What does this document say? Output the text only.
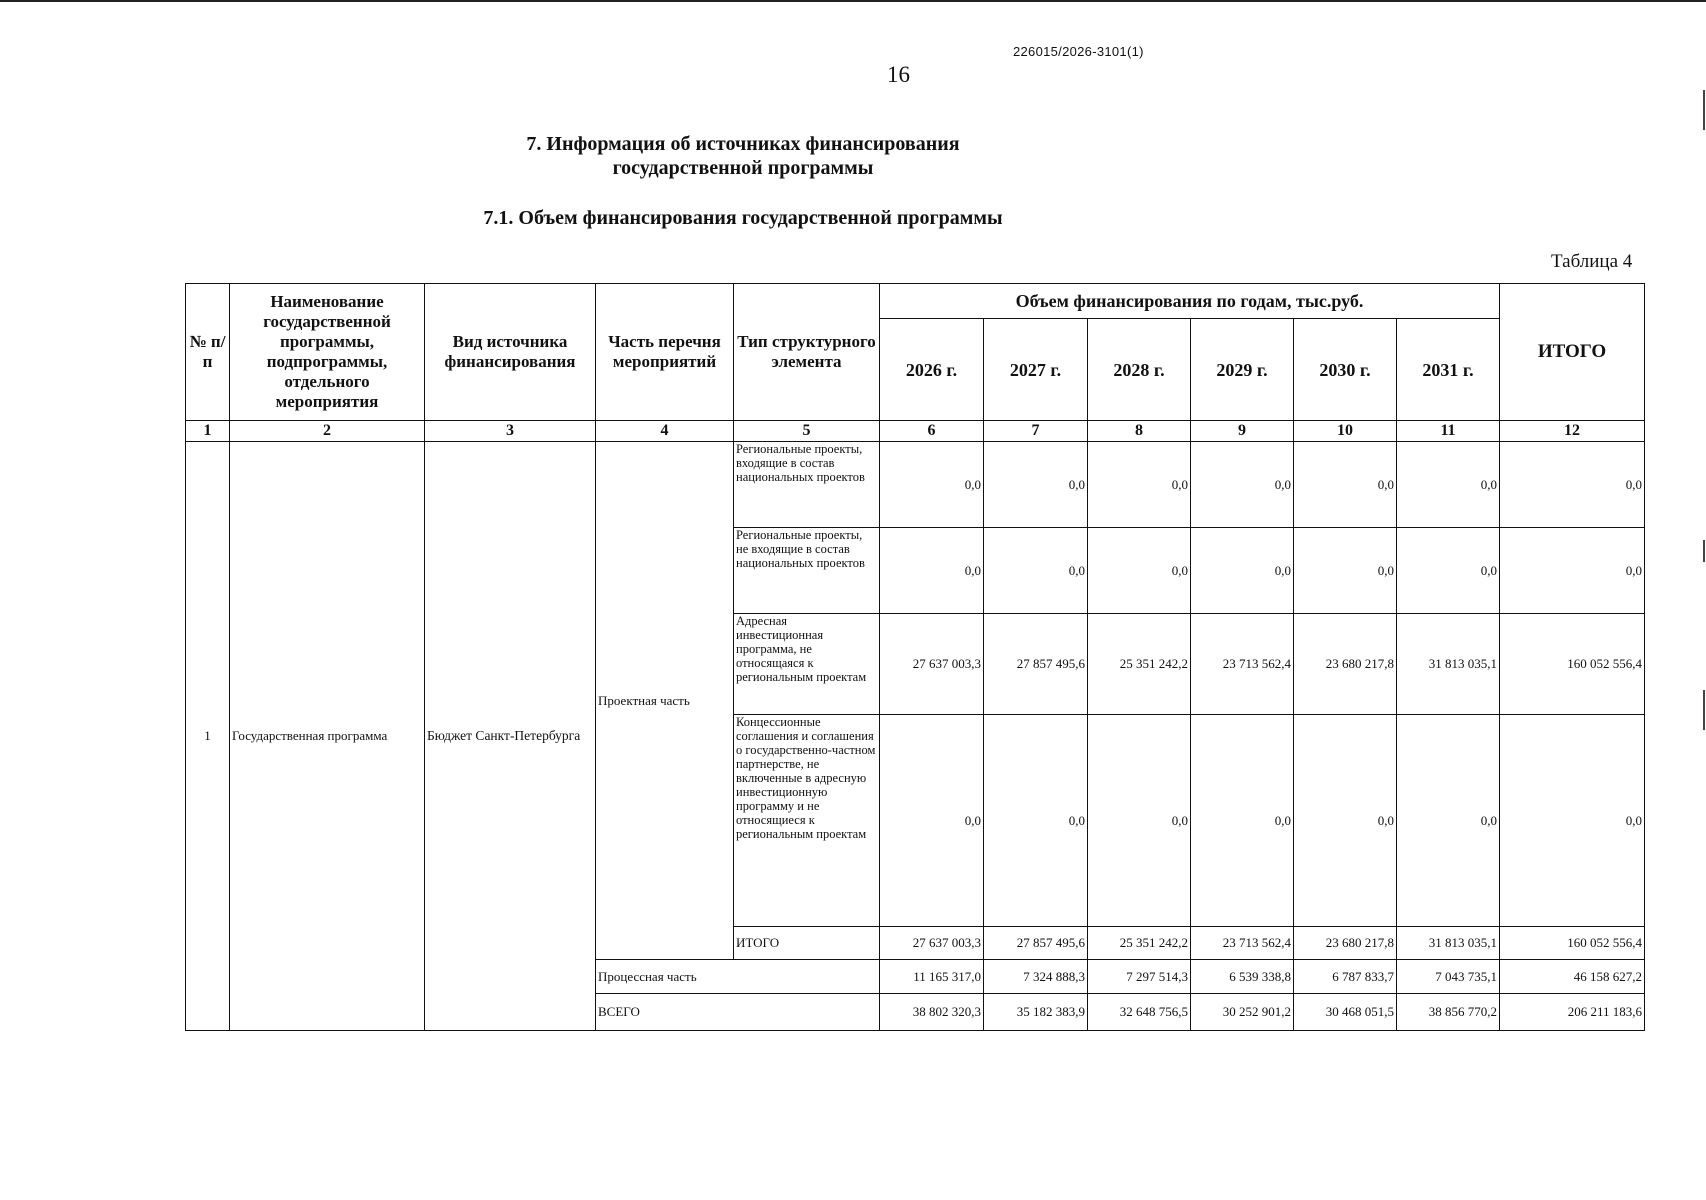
226015/2026-3101(1)
16
7. Информация об источниках финансирования
государственной программы
7.1. Объем финансирования государственной программы
Таблица 4
№ п/п	Наименование государственной программы, подпрограммы, отдельного мероприятия	Вид источника финансирования	Часть перечня мероприятий	Тип структурного элемента	Объем финансирования по годам, тыс.руб.						ИТОГО
					2026 г.	2027 г.	2028 г.	2029 г.	2030 г.	2031 г.	
1	2	3	4	5	6	7	8	9	10	11	12
1	Государственная программа	Бюджет Санкт-Петербурга	Проектная часть	Региональные проекты, входящие в состав национальных проектов	0,0	0,0	0,0	0,0	0,0	0,0	0,0
				Региональные проекты, не входящие в состав национальных проектов	0,0	0,0	0,0	0,0	0,0	0,0	0,0
				Адресная инвестиционная программа, не относящаяся к региональным проектам	27 637 003,3	27 857 495,6	25 351 242,2	23 713 562,4	23 680 217,8	31 813 035,1	160 052 556,4
				Концессионные соглашения и соглашения о государственно-частном партнерстве, не включенные в адресную инвестиционную программу и не относящиеся к региональным проектам	0,0	0,0	0,0	0,0	0,0	0,0	0,0
				ИТОГО	27 637 003,3	27 857 495,6	25 351 242,2	23 713 562,4	23 680 217,8	31 813 035,1	160 052 556,4
			Процессная часть		11 165 317,0	7 324 888,3	7 297 514,3	6 539 338,8	6 787 833,7	7 043 735,1	46 158 627,2
			ВСЕГО		38 802 320,3	35 182 383,9	32 648 756,5	30 252 901,2	30 468 051,5	38 856 770,2	206 211 183,6
